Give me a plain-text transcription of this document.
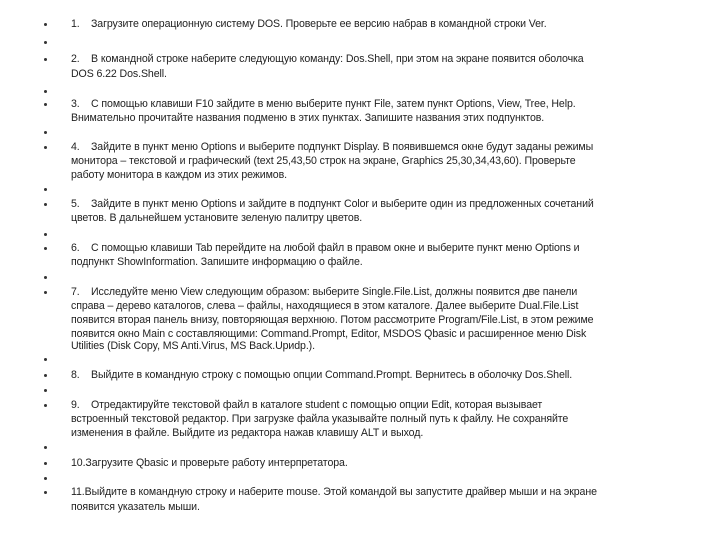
1.    Загрузите операционную систему DOS. Проверьте ее версию набрав в командной строки Ver.
2.    В командной строке наберите следующую команду: Dos.Shell, при этом на экране появится оболочка
DOS 6.22 Dos.Shell.
3.    С помощью клавиши F10 зайдите в меню выберите пункт File, затем пункт Options, View, Tree, Help.
Внимательно прочитайте названия подменю в этих пунктах. Запишите названия этих подпунктов.
4.    Зайдите в пункт меню Options и выберите подпункт Display. В появившемся окне будут заданы режимы
монитора – текстовой и графический (text 25,43,50 строк на экране, Graphics 25,30,34,43,60). Проверьте
работу монитора в каждом из этих режимов.
5.    Зайдите в пункт меню Options и зайдите в подпункт Color и выберите один из предложенных сочетаний
цветов. В дальнейшем установите зеленую палитру цветов.
6.    С помощью клавиши Tab перейдите на любой файл в правом окне и выберите пункт меню Options и
подпункт ShowInformation. Запишите информацию о файле.
7.    Исследуйте меню View следующим образом: выберите Single.File.List, должны появится две панели
справа – дерево каталогов, слева – файлы, находящиеся в этом каталоге. Далее выберите Dual.File.List
появится вторая панель внизу, повторяющая верхнюю. Потом рассмотрите Program/File.List, в этом режиме
появится окно Main с составляющими: Command.Prompt, Editor, MSDOS Qbasic и расширенное меню Disk
Utilities (Disk Copy, MS Anti.Virus, MS Back.Upиdp.).
8.    Выйдите в командную строку с помощью опции Command.Prompt. Вернитесь в оболочку Dos.Shell.
9.    Отредактируйте текстовой файл в каталоге student с помощью опции Edit, которая вызывает
встроенный текстовой редактор. При загрузке файла указывайте полный путь к файлу. Не сохраняйте
изменения в файле. Выйдите из редактора нажав клавишу ALT и выход.
10.Загрузите Qbasic и проверьте работу интерпретатора.
11.Выйдите в командную строку и наберите mouse. Этой командой вы запустите драйвер мыши и на экране
появится указатель мыши.
